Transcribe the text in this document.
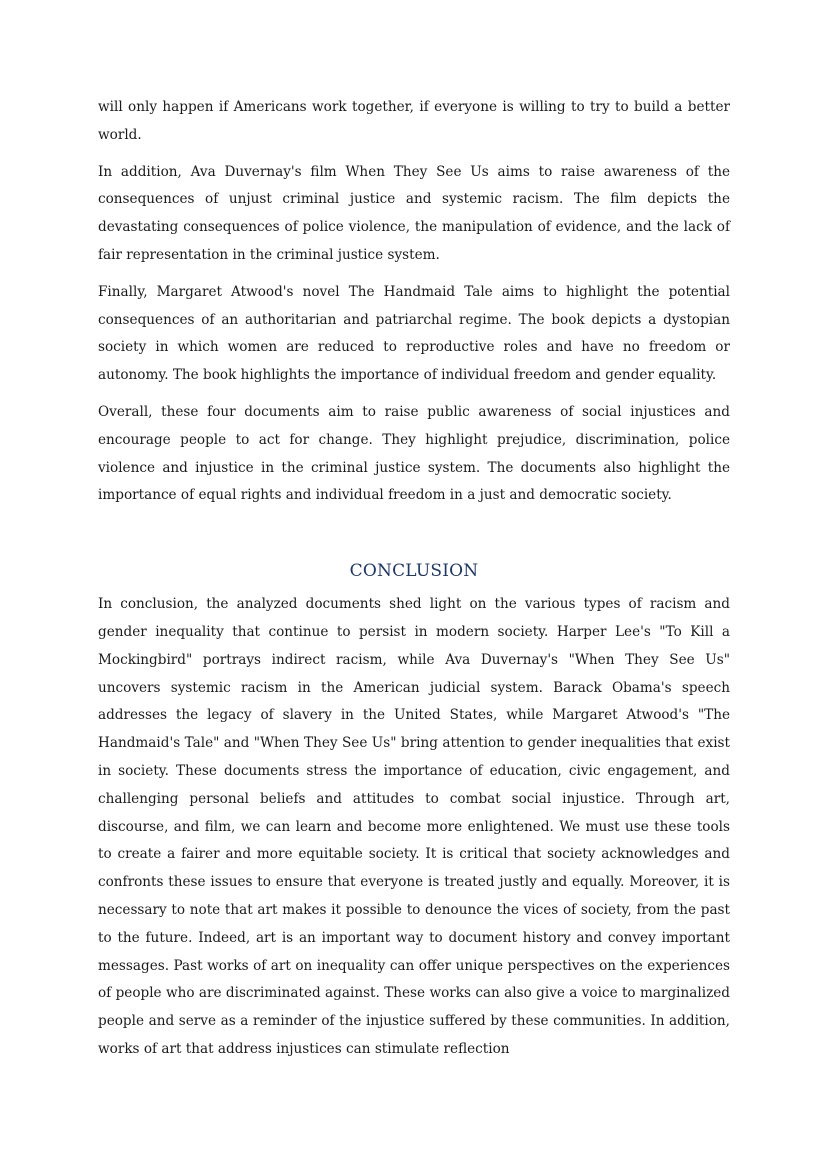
will only happen if Americans work together, if everyone is willing to try to build a better world.

In addition, Ava Duvernay's film When They See Us aims to raise awareness of the consequences of unjust criminal justice and systemic racism. The film depicts the devastating consequences of police violence, the manipulation of evidence, and the lack of fair representation in the criminal justice system.

Finally, Margaret Atwood's novel The Handmaid Tale aims to highlight the potential consequences of an authoritarian and patriarchal regime. The book depicts a dystopian society in which women are reduced to reproductive roles and have no freedom or autonomy. The book highlights the importance of individual freedom and gender equality.

Overall, these four documents aim to raise public awareness of social injustices and encourage people to act for change. They highlight prejudice, discrimination, police violence and injustice in the criminal justice system. The documents also highlight the importance of equal rights and individual freedom in a just and democratic society.

CONCLUSION

In conclusion, the analyzed documents shed light on the various types of racism and gender inequality that continue to persist in modern society. Harper Lee's "To Kill a Mockingbird" portrays indirect racism, while Ava Duvernay's "When They See Us" uncovers systemic racism in the American judicial system. Barack Obama's speech addresses the legacy of slavery in the United States, while Margaret Atwood's "The Handmaid's Tale" and "When They See Us" bring attention to gender inequalities that exist in society. These documents stress the importance of education, civic engagement, and challenging personal beliefs and attitudes to combat social injustice. Through art, discourse, and film, we can learn and become more enlightened. We must use these tools to create a fairer and more equitable society. It is critical that society acknowledges and confronts these issues to ensure that everyone is treated justly and equally. Moreover, it is necessary to note that art makes it possible to denounce the vices of society, from the past to the future. Indeed, art is an important way to document history and convey important messages. Past works of art on inequality can offer unique perspectives on the experiences of people who are discriminated against. These works can also give a voice to marginalized people and serve as a reminder of the injustice suffered by these communities. In addition, works of art that address injustices can stimulate reflection
